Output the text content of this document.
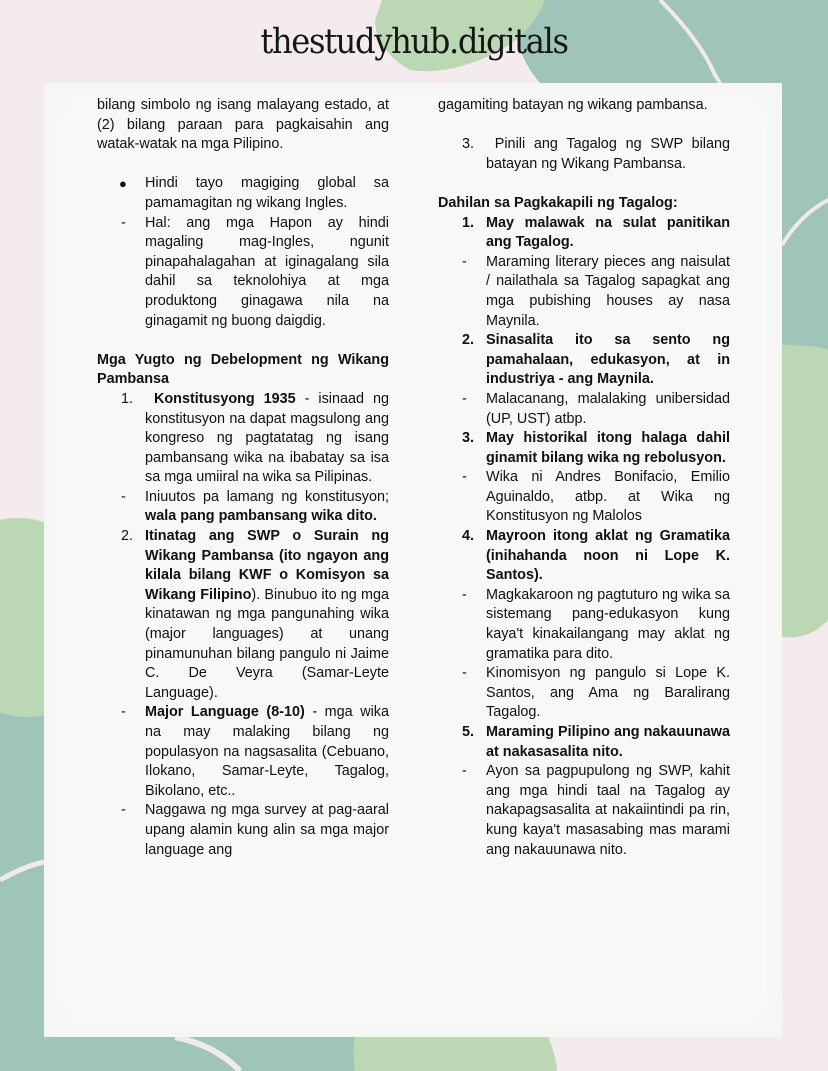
thestudyhub.digitals

bilang simbolo ng isang malayang estado, at (2) bilang paraan para pagkaisahin ang watak-watak na mga Pilipino.

● Hindi tayo magiging global sa pamamagitan ng wikang Ingles.
- Hal: ang mga Hapon ay hindi magaling mag-Ingles, ngunit pinapahalagahan at iginagalang sila dahil sa teknolohiya at mga produktong ginagawa nila na ginagamit ng buong daigdig.
Mga Yugto ng Debelopment ng Wikang Pambansa
1. Konstitusyong 1935 - isinaad ng konstitusyon na dapat magsulong ang kongreso ng pagtatatag ng isang pambansang wika na ibabatay sa isa sa mga umiiral na wika sa Pilipinas.
- Iniuutos pa lamang ng konstitusyon; wala pang pambansang wika dito.
2. Itinatag ang SWP o Surain ng Wikang Pambansa (ito ngayon ang kilala bilang KWF o Komisyon sa Wikang Filipino). Binubuo ito ng mga kinatawan ng mga pangunahing wika (major languages) at unang pinamunuhan bilang pangulo ni Jaime C. De Veyra (Samar-Leyte Language).
- Major Language (8-10) - mga wika na may malaking bilang ng populasyon na nagsasalita (Cebuano, Ilokano, Samar-Leyte, Tagalog, Bikolano, etc..
- Naggawa ng mga survey at pag-aaral upang alamin kung alin sa mga major language ang

gagamiting batayan ng wikang pambansa.

3. Pinili ang Tagalog ng SWP bilang batayan ng Wikang Pambansa.
Dahilan sa Pagkakapili ng Tagalog:
1. May malawak na sulat panitikan ang Tagalog.
- Maraming literary pieces ang naisulat / nailathala sa Tagalog sapagkat ang mga pubishing houses ay nasa Maynila.
2. Sinasalita ito sa sento ng pamahalaan, edukasyon, at in industriya - ang Maynila.
- Malacanang, malalaking unibersidad (UP, UST) atbp.
3. May historikal itong halaga dahil ginamit bilang wika ng rebolusyon.
- Wika ni Andres Bonifacio, Emilio Aguinaldo, atbp. at Wika ng Konstitusyon ng Malolos
4. Mayroon itong aklat ng Gramatika (inihahanda noon ni Lope K. Santos).
- Magkakaroon ng pagtuturo ng wika sa sistemang pang-edukasyon kung kaya't kinakailangang may aklat ng gramatika para dito.
- Kinomisyon ng pangulo si Lope K. Santos, ang Ama ng Baralirang Tagalog.
5. Maraming Pilipino ang nakauunawa at nakasasalita nito.
- Ayon sa pagpupulong ng SWP, kahit ang mga hindi taal na Tagalog ay nakapagsasalita at nakaiintindi pa rin, kung kaya't masasabing mas marami ang nakauunawa nito.
